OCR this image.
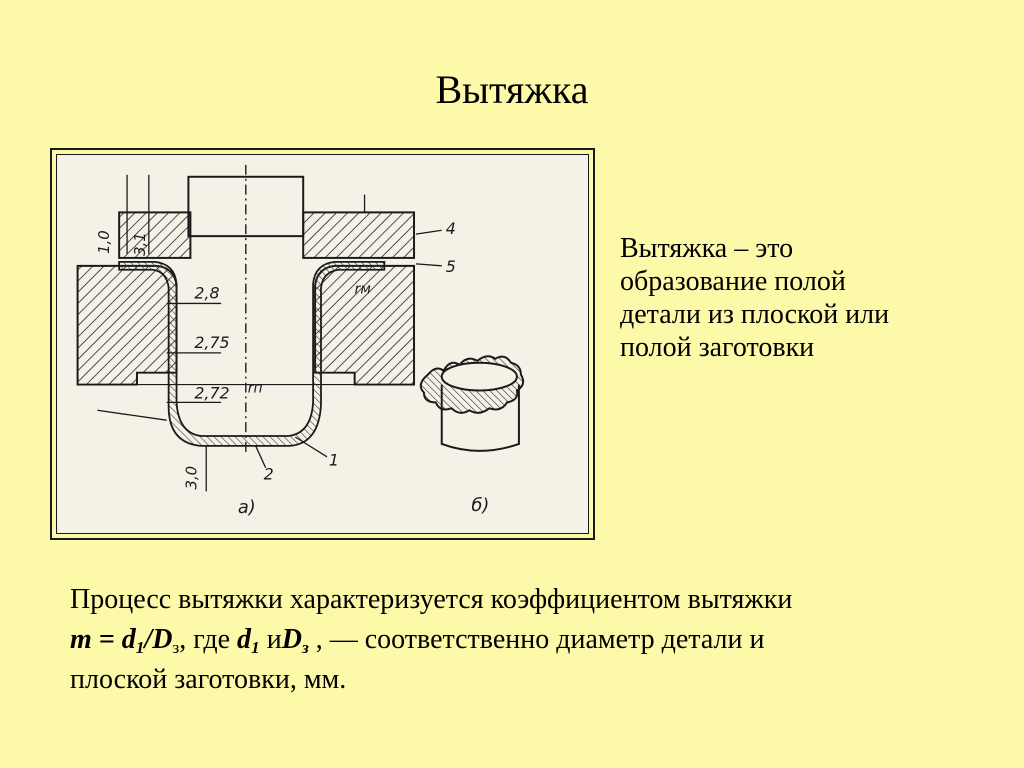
Вытяжка
1,0 3,1
2,8
2,75
2,72
3,0
4
5
1
2
rм
rп
а)	б)
Вытяжка – это
образование полой
детали из плоской или
полой заготовки
Процесс вытяжки характеризуется коэффициентом вытяжки
$m = d_1/D_з$, где $d_1$ $иD_з$ , — соответственно диаметр детали и
плоской заготовки, мм.
